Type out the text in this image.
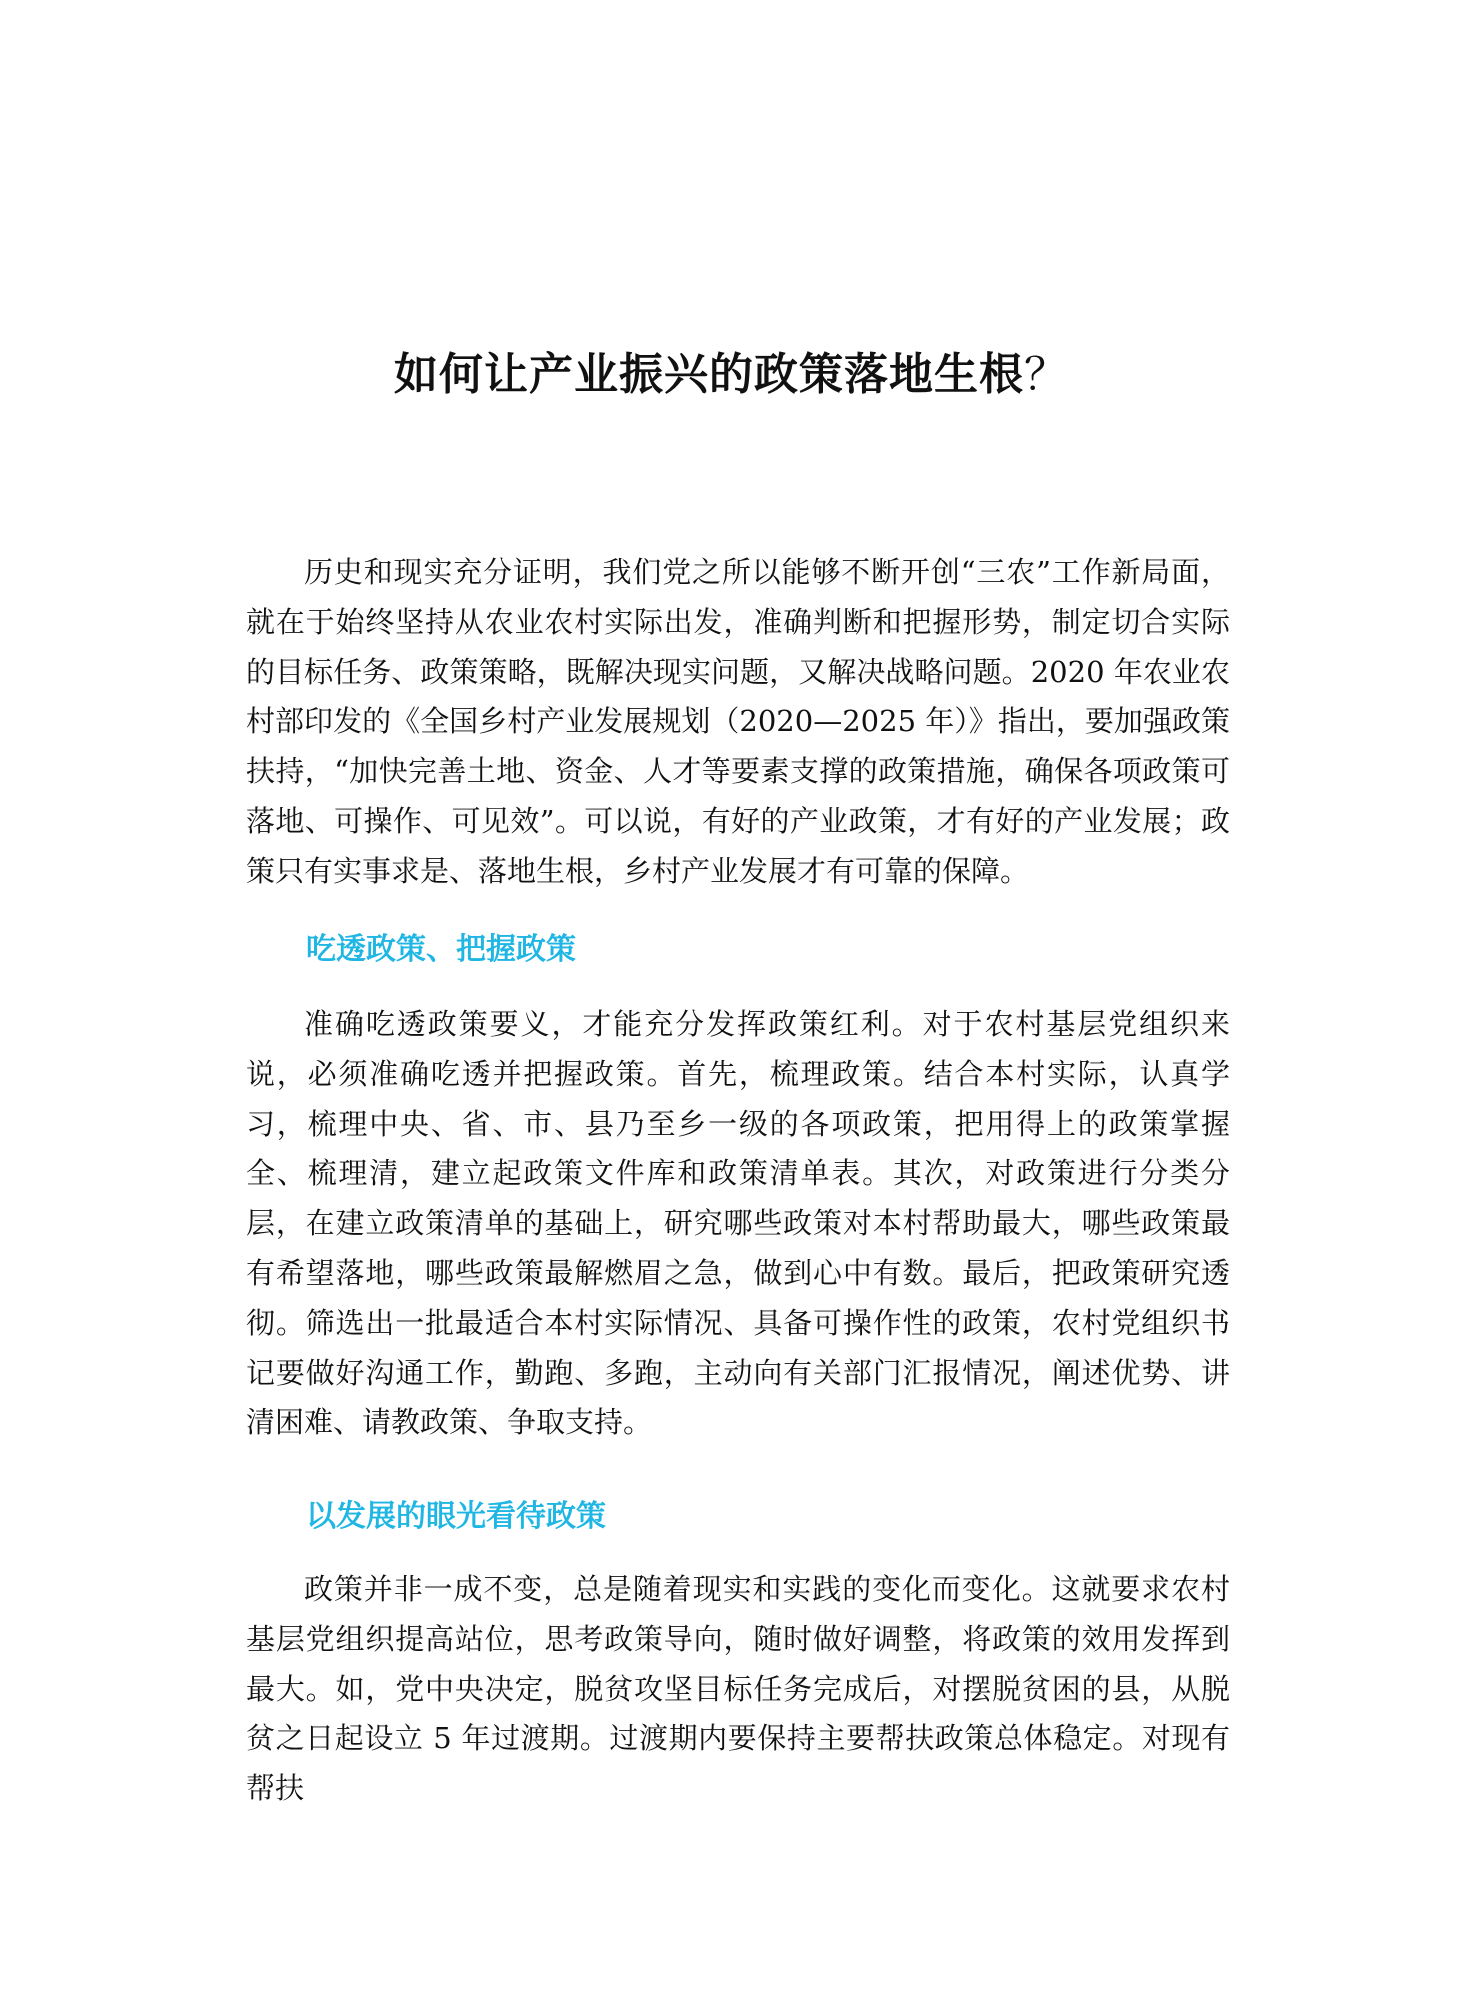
如何让产业振兴的政策落地生根？

历史和现实充分证明，我们党之所以能够不断开创“三农”工作新局面，就在于始终坚持从农业农村实际出发，准确判断和把握形势，制定切合实际的目标任务、政策策略，既解决现实问题，又解决战略问题。2020 年农业农村部印发的《全国乡村产业发展规划（2020—2025 年）》指出，要加强政策扶持，“加快完善土地、资金、人才等要素支撑的政策措施，确保各项政策可落地、可操作、可见效”。可以说，有好的产业政策，才有好的产业发展；政策只有实事求是、落地生根，乡村产业发展才有可靠的保障。

吃透政策、把握政策

准确吃透政策要义，才能充分发挥政策红利。对于农村基层党组织来说，必须准确吃透并把握政策。首先，梳理政策。结合本村实际，认真学习，梳理中央、省、市、县乃至乡一级的各项政策，把用得上的政策掌握全、梳理清，建立起政策文件库和政策清单表。其次，对政策进行分类分层，在建立政策清单的基础上，研究哪些政策对本村帮助最大，哪些政策最有希望落地，哪些政策最解燃眉之急，做到心中有数。最后，把政策研究透彻。筛选出一批最适合本村实际情况、具备可操作性的政策，农村党组织书记要做好沟通工作，勤跑、多跑，主动向有关部门汇报情况，阐述优势、讲清困难、请教政策、争取支持。

以发展的眼光看待政策

政策并非一成不变，总是随着现实和实践的变化而变化。这就要求农村基层党组织提高站位，思考政策导向，随时做好调整，将政策的效用发挥到最大。如，党中央决定，脱贫攻坚目标任务完成后，对摆脱贫困的县，从脱贫之日起设立 5 年过渡期。过渡期内要保持主要帮扶政策总体稳定。对现有帮扶
